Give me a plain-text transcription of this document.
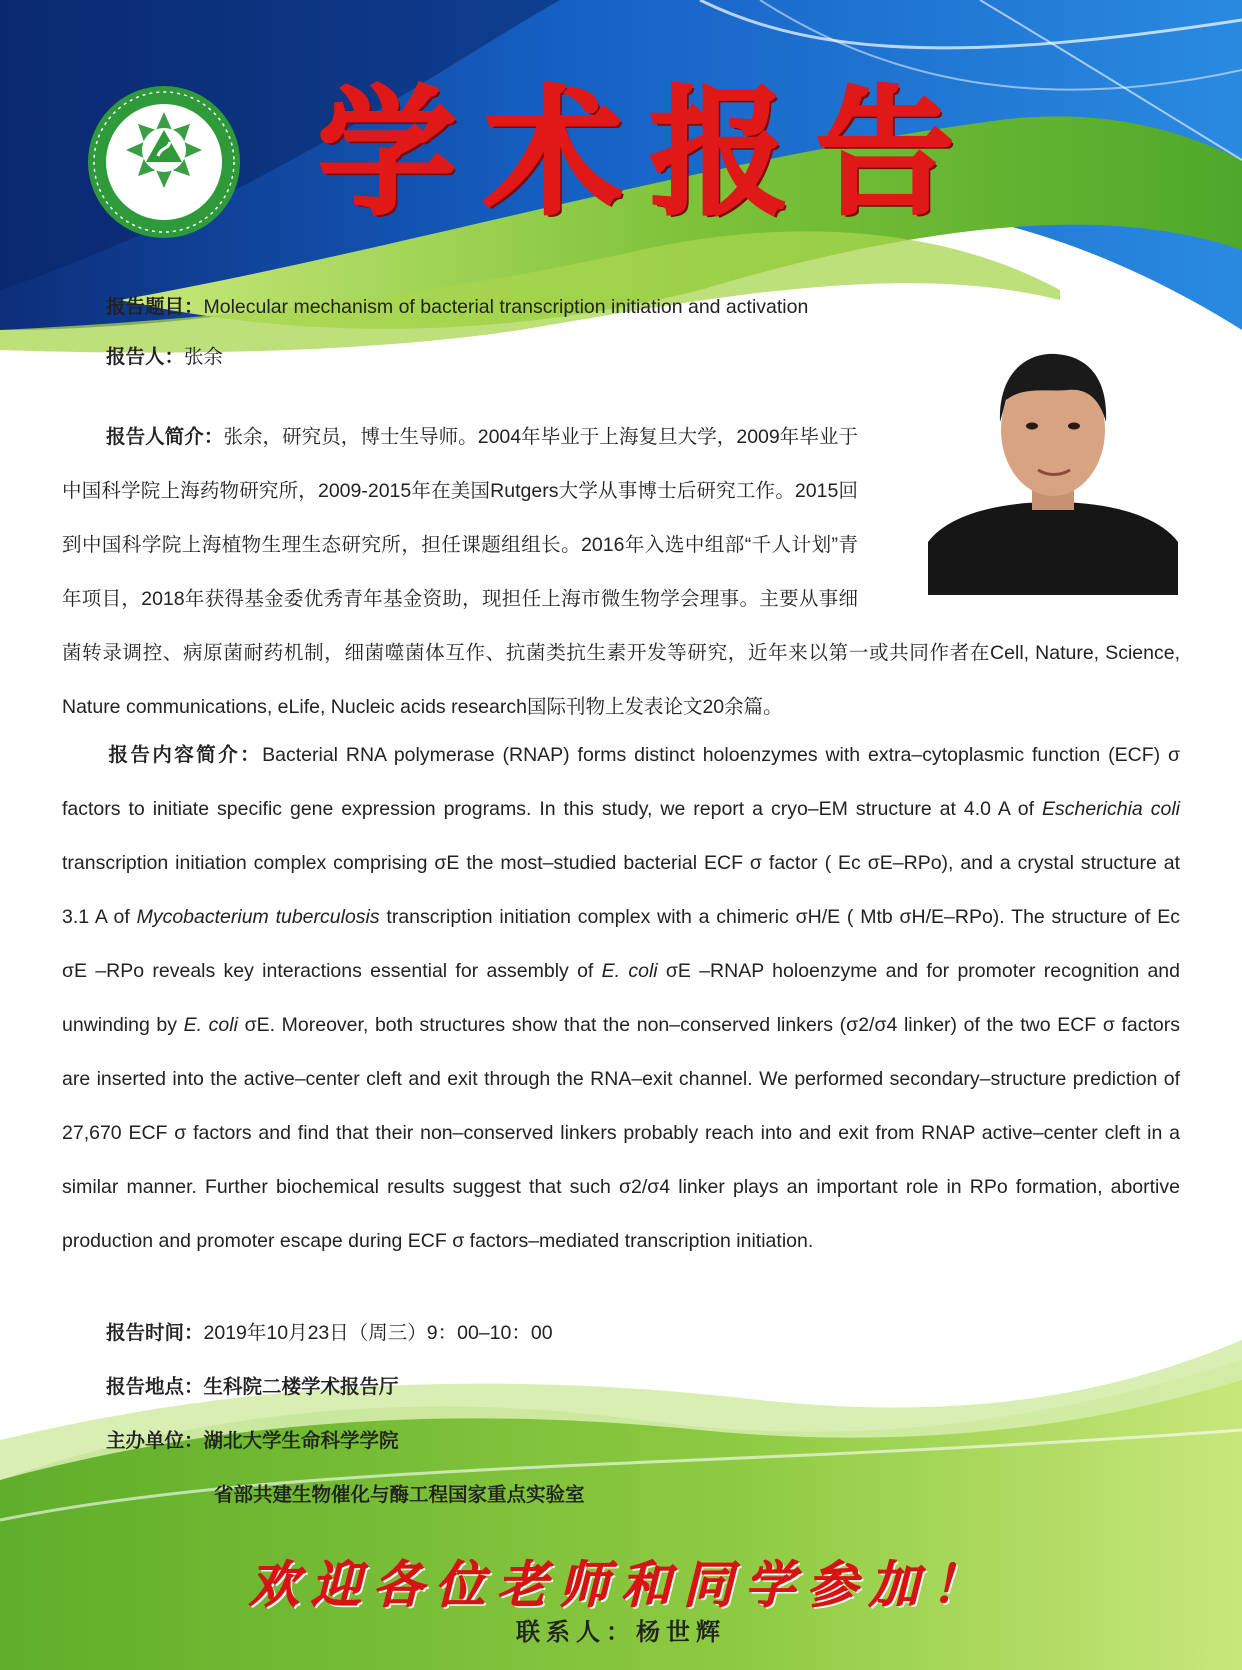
学术报告
报告题目：Molecular mechanism of bacterial transcription initiation and activation
报告人：张余

报告人简介：张余，研究员，博士生导师。2004年毕业于上海复旦大学，2009年毕业于中国科学院上海药物研究所，2009-2015年在美国Rutgers大学从事博士后研究工作。2015回到中国科学院上海植物生理生态研究所，担任课题组组长。2016年入选中组部“千人计划”青年项目，2018年获得基金委优秀青年基金资助，现担任上海市微生物学会理事。主要从事细菌转录调控、病原菌耐药机制，细菌噬菌体互作、抗菌类抗生素开发等研究，近年来以第一或共同作者在Cell, Nature, Science, Nature communications, eLife, Nucleic acids research国际刊物上发表论文20余篇。

报告内容简介：Bacterial RNA polymerase (RNAP) forms distinct holoenzymes with extra–cytoplasmic function (ECF) σ factors to initiate specific gene expression programs. In this study, we report a cryo–EM structure at 4.0 A of Escherichia coli transcription initiation complex comprising σE the most–studied bacterial ECF σ factor ( Ec σE–RPo), and a crystal structure at 3.1 A of Mycobacterium tuberculosis transcription initiation complex with a chimeric σH/E ( Mtb σH/E–RPo). The structure of Ec σE –RPo reveals key interactions essential for assembly of E. coli σE –RNAP holoenzyme and for promoter recognition and unwinding by E. coli σE. Moreover, both structures show that the non–conserved linkers (σ2/σ4 linker) of the two ECF σ factors are inserted into the active–center cleft and exit through the RNA–exit channel. We performed secondary–structure prediction of 27,670 ECF σ factors and find that their non–conserved linkers probably reach into and exit from RNAP active–center cleft in a similar manner. Further biochemical results suggest that such σ2/σ4 linker plays an important role in RPo formation, abortive production and promoter escape during ECF σ factors–mediated transcription initiation.

报告时间：2019年10月23日（周三）9：00–10：00
报告地点：生科院二楼学术报告厅
主办单位：湖北大学生命科学学院
省部共建生物催化与酶工程国家重点实验室

欢迎各位老师和同学参加！

联系人：杨世辉
